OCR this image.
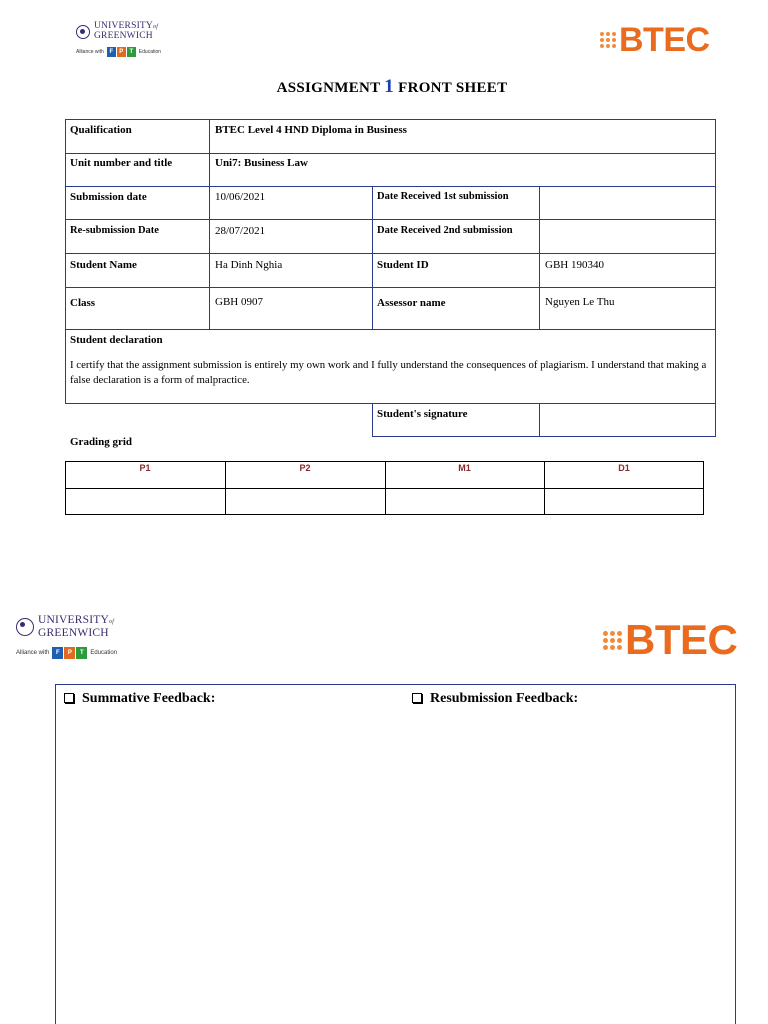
UNIVERSITYof
GREENWICH
Alliance with F	P	T	Education	BTEC
ASSIGNMENT 1 FRONT SHEET
Qualification	BTEC Level 4 HND Diploma in Business
Unit number and title	Uni7: Business Law
Submission date	10/06/2021	Date Received 1st submission
Re-submission Date	28/07/2021	Date Received 2nd submission
Student Name	Ha Dinh Nghia	Student ID	GBH 190340
Class	GBH 0907	Assessor name	Nguyen Le Thu
Student declaration
I certify that the assignment submission is entirely my own work and I fully understand the consequences of plagiarism. I understand that making a false declaration is a form of malpractice.
Student's signature
Grading grid
P1	P2	M1	D1
UNIVERSITYof
GREENWICH
Alliance with	F	P	T	Education	BTEC
Summative Feedback:	Resubmission Feedback:
